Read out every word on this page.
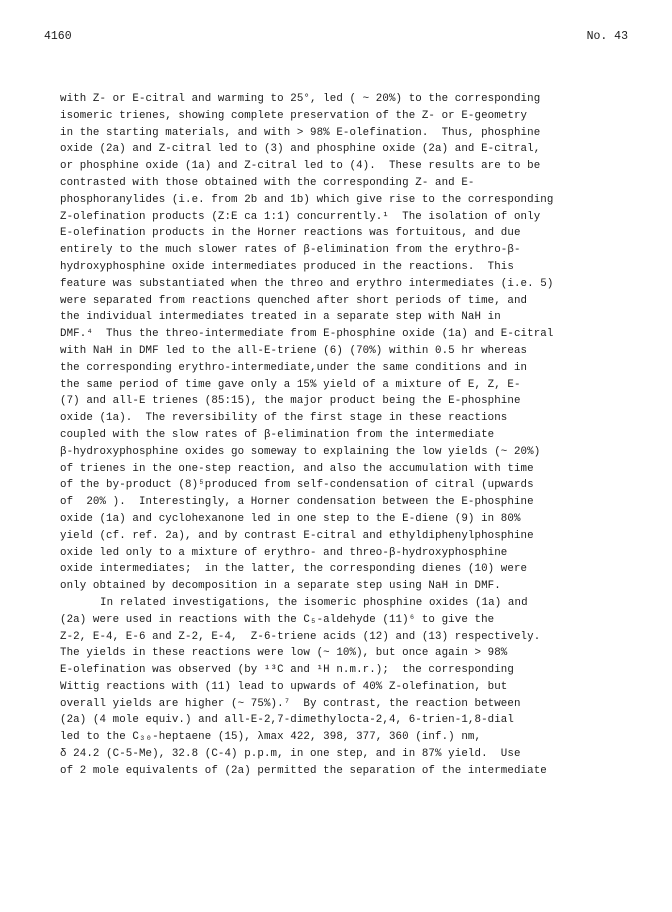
4160	No. 43
with Z- or E-citral and warming to 25°, led ( ~ 20%) to the corresponding
isomeric trienes, showing complete preservation of the Z- or E-geometry
in the starting materials, and with > 98% E-olefination.  Thus, phosphine
oxide (2a) and Z-citral led to (3) and phosphine oxide (2a) and E-citral,
or phosphine oxide (1a) and Z-citral led to (4).  These results are to be
contrasted with those obtained with the corresponding Z- and E-
phosphoranylides (i.e. from 2b and 1b) which give rise to the corresponding
Z-olefination products (Z:E ca 1:1) concurrently.¹  The isolation of only
E-olefination products in the Horner reactions was fortuitous, and due
entirely to the much slower rates of β-elimination from the erythro-β-
hydroxyphosphine oxide intermediates produced in the reactions.  This
feature was substantiated when the threo and erythro intermediates (i.e. 5)
were separated from reactions quenched after short periods of time, and
the individual intermediates treated in a separate step with NaH in
DMF.⁴  Thus the threo-intermediate from E-phosphine oxide (1a) and E-citral
with NaH in DMF led to the all-E-triene (6) (70%) within 0.5 hr whereas
the corresponding erythro-intermediate,under the same conditions and in
the same period of time gave only a 15% yield of a mixture of E, Z, E-
(7) and all-E trienes (85:15), the major product being the E-phosphine
oxide (1a).  The reversibility of the first stage in these reactions
coupled with the slow rates of β-elimination from the intermediate
β-hydroxyphosphine oxides go someway to explaining the low yields (~ 20%)
of trienes in the one-step reaction, and also the accumulation with time
of the by-product (8)⁵produced from self-condensation of citral (upwards
of  20% ).  Interestingly, a Horner condensation between the E-phosphine
oxide (1a) and cyclohexanone led in one step to the E-diene (9) in 80%
yield (cf. ref. 2a), and by contrast E-citral and ethyldiphenylphosphine
oxide led only to a mixture of erythro- and threo-β-hydroxyphosphine
oxide intermediates;  in the latter, the corresponding dienes (10) were
only obtained by decomposition in a separate step using NaH in DMF.
In related investigations, the isomeric phosphine oxides (1a) and
(2a) were used in reactions with the C₅-aldehyde (11)⁶ to give the
Z-2, E-4, E-6 and Z-2, E-4,  Z-6-triene acids (12) and (13) respectively.
The yields in these reactions were low (~ 10%), but once again > 98%
E-olefination was observed (by ¹³C and ¹H n.m.r.);  the corresponding
Wittig reactions with (11) lead to upwards of 40% Z-olefination, but
overall yields are higher (~ 75%).⁷  By contrast, the reaction between
(2a) (4 mole equiv.) and all-E-2,7-dimethylocta-2,4, 6-trien-1,8-dial
led to the C₃₀-heptaene (15), λmax 422, 398, 377, 360 (inf.) nm,
δ 24.2 (C-5-Me), 32.8 (C-4) p.p.m, in one step, and in 87% yield.  Use
of 2 mole equivalents of (2a) permitted the separation of the intermediate
